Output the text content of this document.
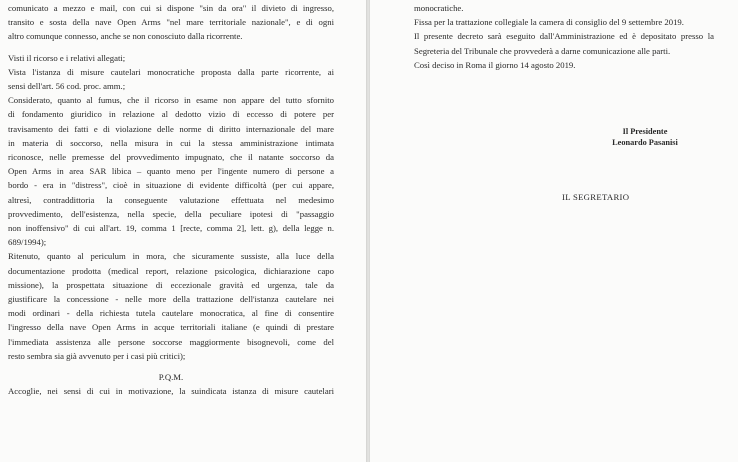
comunicato a mezzo e mail, con cui si dispone "sin da ora" il divieto di ingresso,
transito e sosta della nave Open Arms "nel mare territoriale nazionale", e di ogni
altro comunque connesso, anche se non conosciuto dalla ricorrente.
Visti il ricorso e i relativi allegati;
Vista l'istanza di misure cautelari monocratiche proposta dalla parte ricorrente, ai
sensi dell'art. 56 cod. proc. amm.;
Considerato, quanto al fumus, che il ricorso in esame non appare del tutto sfornito
di fondamento giuridico in relazione al dedotto vizio di eccesso di potere per
travisamento dei fatti e di violazione delle norme di diritto internazionale del mare
in materia di soccorso, nella misura in cui la stessa amministrazione intimata
riconosce, nelle premesse del provvedimento impugnato, che il natante soccorso da
Open Arms in area SAR libica – quanto meno per l'ingente numero di persone a
bordo - era in "distress", cioè in situazione di evidente difficoltà (per cui appare,
altresì, contraddittoria la conseguente valutazione effettuata nel medesimo
provvedimento, dell'esistenza, nella specie, della peculiare ipotesi di "passaggio
non inoffensivo" di cui all'art. 19, comma 1 [recte, comma 2], lett. g), della legge n.
689/1994);
Ritenuto, quanto al periculum in mora, che sicuramente sussiste, alla luce della
documentazione prodotta (medical report, relazione psicologica, dichiarazione capo
missione), la prospettata situazione di eccezionale gravità ed urgenza, tale da
giustificare la concessione - nelle more della trattazione dell'istanza cautelare nei
modi ordinari - della richiesta tutela cautelare monocratica, al fine di consentire
l'ingresso della nave Open Arms in acque territoriali italiane (e quindi di prestare
l'immediata assistenza alle persone soccorse maggiormente bisognevoli, come del
resto sembra sia già avvenuto per i casi più critici);
P.Q.M.
Accoglie, nei sensi di cui in motivazione, la suindicata istanza di misure cautelari
monocratiche.
Fissa per la trattazione collegiale la camera di consiglio del 9 settembre 2019.
Il presente decreto sarà eseguito dall'Amministrazione ed è depositato presso la
Segreteria del Tribunale che provvederà a darne comunicazione alle parti.
Così deciso in Roma il giorno 14 agosto 2019.
Il Presidente
Leonardo Pasanisi
IL SEGRETARIO
